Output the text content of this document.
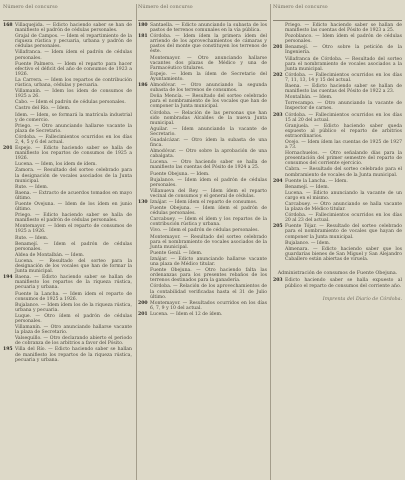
Número del concurso
168 Villaquejida. — Edicto haciendo saber se han de manifiesto el padrón de cédulas personales.
Grajal de Campos. — Idem el repartimiento de la riqueza rústica y pecuaria, urbana y padrón de cédulas personales.
Villafranca. — Idem ídem el padrón de cédulas personales.
Fuente Palmero. — Idem el reparto para hacer efectivo el déficit del año de consumos de 1923 a 1926.
La Carrera. — Idem los repartos de contribución rústica, urbana, cédulas y pecuaria.
Villamanín. — Idem los ídem de consumos de 1925 a 26.
Cabo. — Idem el padrón de cédulas personales.
Castro del Río. — Idem.
Idem. — Idem, se formará la matrícula industrial y de comercio.
Priego. — Otro anunciando hallarse vacante la plaza de Secretario.
Córdoba. — Fallecimientos ocurridos en los días 2, 4, 5 y 6 del actual.
201 Espejo. — Edicto haciendo saber se halla de manifiesto los repartos de consumos de 1925 a 1926.
Lucena. — Idem, los ídem de ídem.
Zamora. — Resultado del sorteo celebrado para la designación de vocales asociados de la Junta municipal.
Rute. — Idem.
Baena. — Extracto de acuerdos tomados en mayo último.
Fuente Ovejuna. — Idem de los ídem en junio último.
Priego. — Edicto haciendo saber se halla de manifiesto el padrón de cédulas personales.
Montemayor. — Idem el reparto de consumos de 1925 a 1926.
Rute. — Idem.
Benamejí. — Idem el padrón de cédulas personales.
Aldea de Montalbán. — Idem.
Lucena. — Resultado del sorteo para la designación de los vocales que han de formar la Junta municipal.
194 Baena. — Edicto haciendo saber se hallan de manifiesto los repartos de la riqueza rústica, pecuaria y urbana.
Fuente la Lancha. — Idem ídem el reparto de consumos de 1925 a 1926.
Bujalance. — Idem ídem los de la riqueza rústica, urbana y pecuaria.
Luque. — Otro ídem el padrón de cédulas personales.
Villamanín. — Otro anunciando hallarse vacante la plaza de Secretario.
Valsequillo. — Otro declarando abierto el periodo de cobranza de los arbitrios a favor del Pósito.
195 Villa del Río. — Edicto haciendo saber se hallan de manifiesto los repartos de la riqueza rústica, pecuaria y urbana.
Número del concurso
180 Santaella. — Edicto anunciando la subasta de los pastos de terrenos comunales en la vía pública.
181 Córdoba. — Idem ídem la primera ídem del arriendo de los aprovechamientos de cámaras y pastos del monte que constituyen los terrenos de éste.
Montemayor. — Otro anunciando hallarse vacantes dos plazas de Médico y una de Farmacéutico titulares.
Espejo. — Idem la ídem de Secretario del Ayuntamiento.
186 Almodóvar. — Otro anunciando la segunda subasta de los terrenos de consumos.
Doña Mencía. — Resultado del sorteo celebrado para el nombramiento de los vocales que han de componer la Junta municipal.
Córdoba. — Relación de las personas que han sido nombradas Alcaldes de la nueva Junta municipal.
Aguilar. — Idem anunciando la vacante de Secretario.
Guadalcázar. — Otro ídem la subasta de una finca.
Almodóvar. — Otro sobre la aprobación de una cabalgata.
Lucena. — Otro haciendo saber se halla de manifiesto las cuentas del Pósito de 1924 a 25.
Fuente Obejuna. — Idem.
Bujalance. — Idem ídem el padrón de cédulas personales.
Villanueva del Rey. — Idem ídem el reparto vecinal de consumos y el general de cédulas.
130 Iznájar. — Idem ídem el reparto de consumos.
Fuente Obejuna. — Idem ídem el padrón de cédulas personales.
Carcabuey. — Idem el ídem y los repartos de la contribución rústica y urbana.
Vivo. — Idem el padrón de cédulas personales.
Montemayor. — Resultado del sorteo celebrado para el nombramiento de vocales asociados de la Junta municipal.
Puente Genil. — Idem.
Iznájar. — Edicto anunciando hallarse vacante una plaza de Médico titular.
Fuente Obejuna. — Otro haciendo falta las ordenanzas para los presentes rebaños de los terrenos destinados para la ganadería.
Córdoba. — Relación de los aprovechamientos de la contabilidad verificadas hasta el 31 de Julio último.
200 Montemayor. — Resultados ocurridos en los días 6, 7, 9 y 10 del actual.
201 Lucena. — Idem el 12 de ídem.
Número del concurso
Priego. — Edicto haciendo saber se hallan de manifiesto las cuentas del Pósito de 1923 a 25.
Pozoblanco. — Idem ídem el padrón de cédulas personales.
201 Benamejí. — Otro sobre la petición de la Ingeniería.
Villafranca de Córdoba. — Resultado del sorteo para el nombramiento de vocales asociados a la Junta municipal.
202 Córdoba. — Fallecimientos ocurridos en los días 7, 11, 13, 14 y 15 del actual.
Baena. — Edicto haciendo saber se hallan de manifiesto las cuentas del Pósito de 1922 a 23.
Montalbán. — Idem.
Torrecampo. — Otro anunciando la vacante de Inspector de carnes.
203 Córdoba. — Fallecimientos ocurridos en los días 15 al 20 del actual.
Granjuela. — Edicto haciendo saber queda expuesto al público el reparto de arbitrios extraordinarios.
Ocejo. — Idem ídem las cuentas de 1925 de 1927 a 73.
Hornachuelos. — Otro señalando días para la presentación del primer semestre del reparto de consumos del corriente ejercicio.
Cabra. — Resultado del sorteo celebrado para el nombramiento de vocales de la Junta municipal.
204 Fuente la Lancha. — Idem.
Benamejí. — Idem.
Lucena. — Edicto anunciando la vacante de un cargo en el mismo.
Carcabuey. — Otro anunciando se halla vacante la plaza de Médico titular.
Córdoba. — Fallecimientos ocurridos en los días 20 al 23 del actual.
205 Fuente Tójar. — Resultado del sorteo celebrado para el nombramiento de vocales que hayan de componer la Junta municipal.
Bujalance. — Idem.
Almenara. — Edicto haciendo saber que los guardarías bienes de San Miguel y San Alejandro Caballero están abiertas de viruela.
Administración de consumos de Fuente Obejuna.
203 Edicto haciendo saber se halla expuesto al público el reparto de consumos del corriente año.
Imprenta del Diario de Córdoba.
